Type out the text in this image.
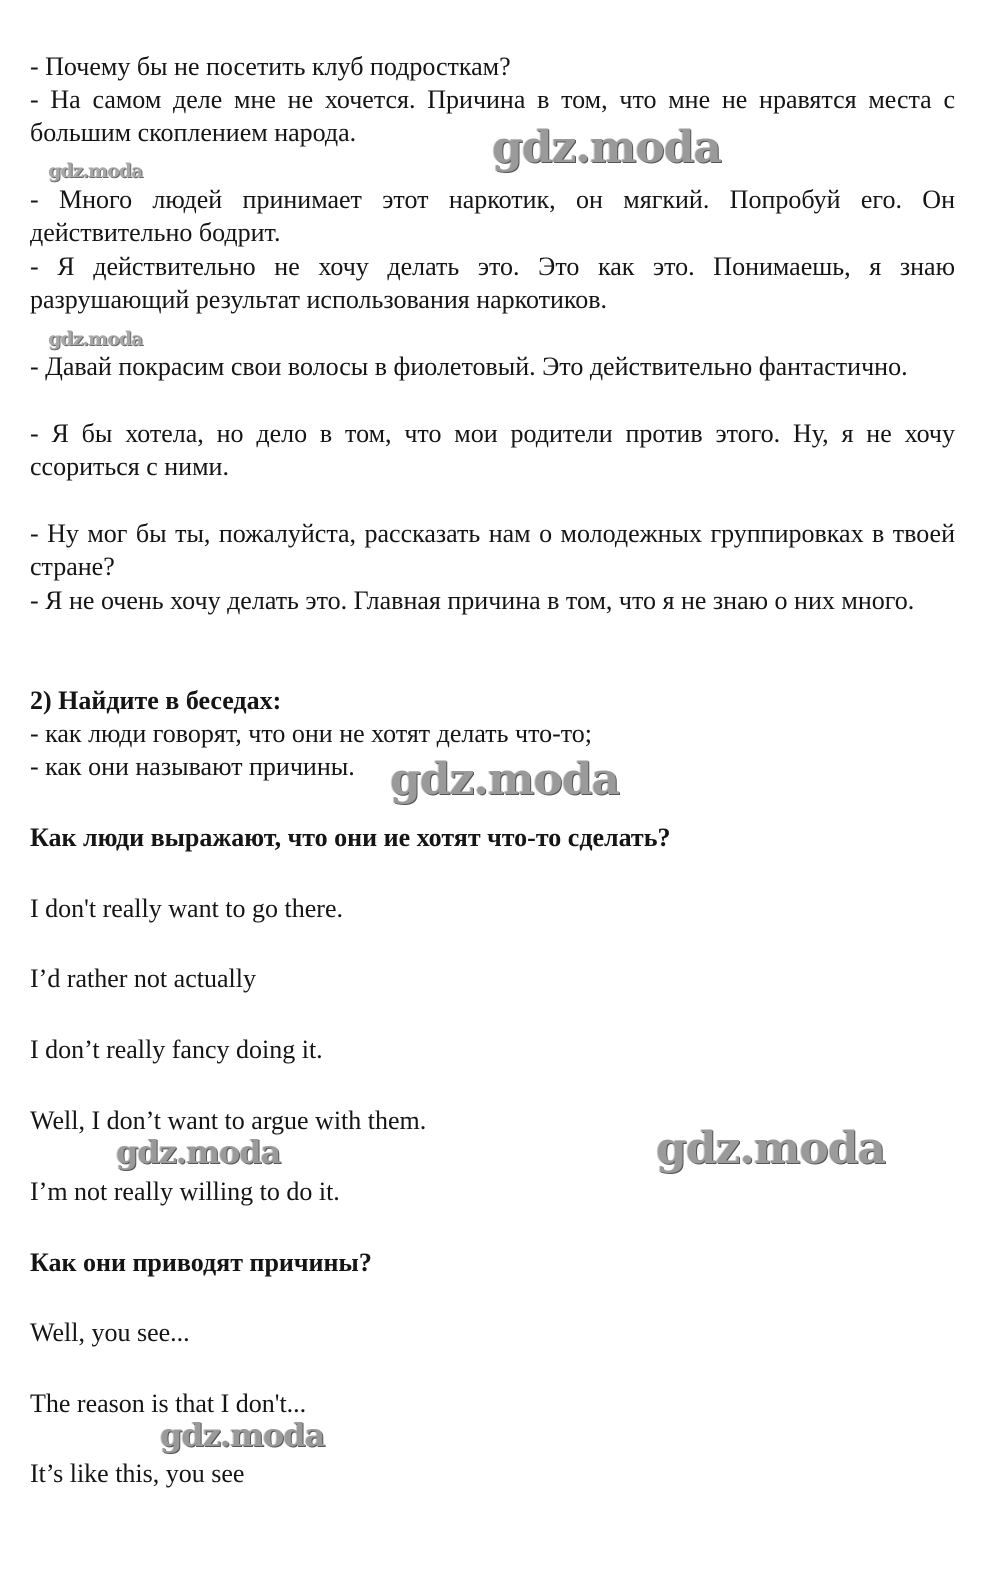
- Почему бы не посетить клуб подросткам?

- На самом деле мне не хочется. Причина в том, что мне не нравятся места с большим скоплением народа.

- Много людей принимает этот наркотик, он мягкий. Попробуй его. Он действительно бодрит.

- Я действительно не хочу делать это. Это как это. Понимаешь, я знаю разрушающий результат использования наркотиков.

- Давай покрасим свои волосы в фиолетовый. Это действительно фантастично.

- Я бы хотела, но дело в том, что мои родители против этого. Ну, я не хочу ссориться с ними.

- Ну мог бы ты, пожалуйста, рассказать нам о молодежных группировках в твоей стране?

- Я не очень хочу делать это. Главная причина в том, что я не знаю о них много.

2) Найдите в беседах:

- как люди говорят, что они не хотят делать что-то;

- как они называют причины.

Как люди выражают, что они ие хотят что-то сделать?

I don't really want to go there.

I’d rather not actually

I don’t really fancy doing it.

Well, I don’t want to argue with them.

I’m not really willing to do it.

Как они приводят причины?

Well, you see...

The reason is that I don't...

It’s like this, you see

gdz.moda
gdz.moda
gdz.moda
gdz.moda
gdz.moda
gdz.moda
gdz.moda
